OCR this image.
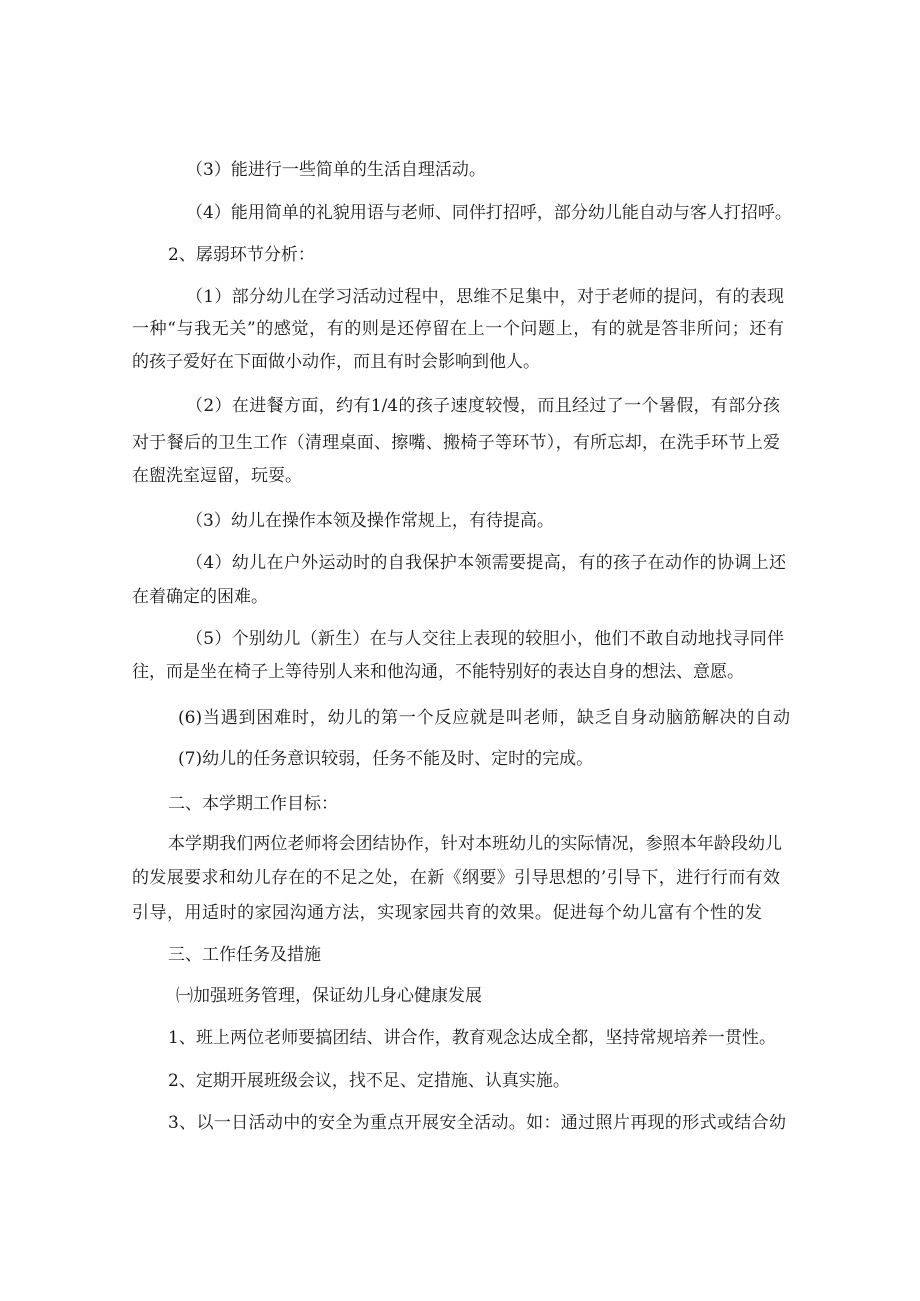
（3）能进行一些简单的生活自理活动。
（4）能用简单的礼貌用语与老师、同伴打招呼，部分幼儿能自动与客人打招呼。
2、孱弱环节分析：
（1）部分幼儿在学习活动过程中，思维不足集中，对于老师的提问，有的表现
一种“与我无关”的感觉，有的则是还停留在上一个问题上，有的就是答非所问；还有
的孩子爱好在下面做小动作，而且有时会影响到他人。
（2）在进餐方面，约有1/4的孩子速度较慢，而且经过了一个暑假，有部分孩
对于餐后的卫生工作（清理桌面、擦嘴、搬椅子等环节），有所忘却，在洗手环节上爱
在盥洗室逗留，玩耍。
（3）幼儿在操作本领及操作常规上，有待提高。
（4）幼儿在户外运动时的自我保护本领需要提高，有的孩子在动作的协调上还
在着确定的困难。
（5）个别幼儿（新生）在与人交往上表现的较胆小，他们不敢自动地找寻同伴
往，而是坐在椅子上等待别人来和他沟通，不能特别好的表达自身的想法、意愿。
(6)当遇到困难时，幼儿的第一个反应就是叫老师，缺乏自身动脑筋解决的自动
(7)幼儿的任务意识较弱，任务不能及时、定时的完成。
二、本学期工作目标：
本学期我们两位老师将会团结协作，针对本班幼儿的实际情况，参照本年龄段幼儿
的发展要求和幼儿存在的不足之处，在新《纲要》引导思想的’引导下，进行行而有效
引导，用适时的家园沟通方法，实现家园共育的效果。促进每个幼儿富有个性的发
三、工作任务及措施
㈠加强班务管理，保证幼儿身心健康发展
1、班上两位老师要搞团结、讲合作，教育观念达成全都，坚持常规培养一贯性。
2、定期开展班级会议，找不足、定措施、认真实施。
3、以一日活动中的安全为重点开展安全活动。如：通过照片再现的形式或结合幼
